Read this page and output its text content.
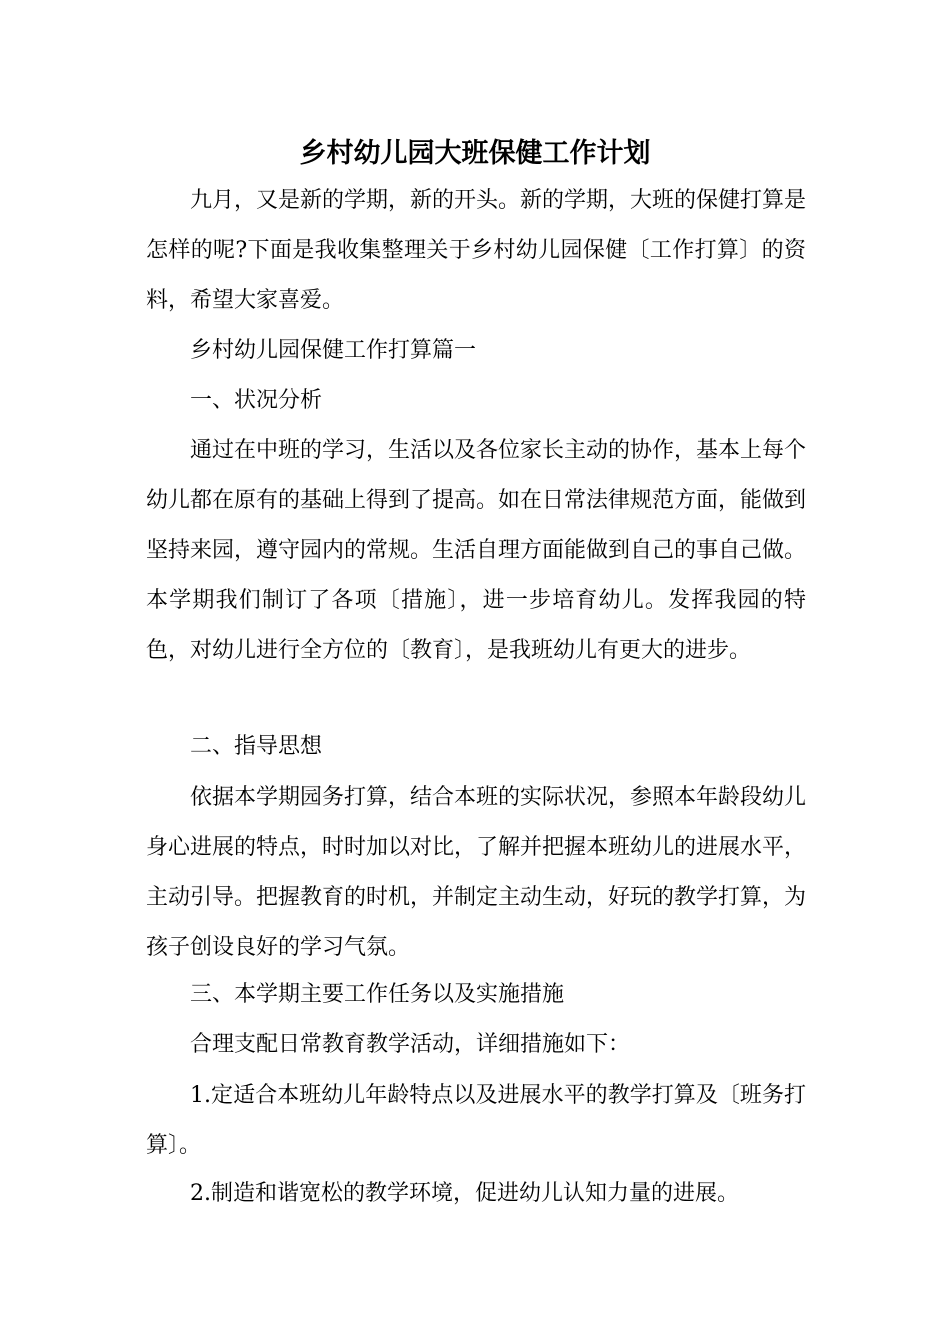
乡村幼儿园大班保健工作计划

九月，又是新的学期，新的开头。新的学期，大班的保健打算是怎样的呢?下面是我收集整理关于乡村幼儿园保健〔工作打算〕的资料，希望大家喜爱。

乡村幼儿园保健工作打算篇一

一、状况分析

通过在中班的学习，生活以及各位家长主动的协作，基本上每个幼儿都在原有的基础上得到了提高。如在日常法律规范方面，能做到坚持来园，遵守园内的常规。生活自理方面能做到自己的事自己做。本学期我们制订了各项〔措施〕，进一步培育幼儿。发挥我园的特色，对幼儿进行全方位的〔教育〕，是我班幼儿有更大的进步。

二、指导思想

依据本学期园务打算，结合本班的实际状况，参照本年龄段幼儿身心进展的特点，时时加以对比，了解并把握本班幼儿的进展水平，主动引导。把握教育的时机，并制定主动生动，好玩的教学打算，为孩子创设良好的学习气氛。

三、本学期主要工作任务以及实施措施

合理支配日常教育教学活动，详细措施如下：

1.定适合本班幼儿年龄特点以及进展水平的教学打算及〔班务打算〕。

2.制造和谐宽松的教学环境，促进幼儿认知力量的进展。
